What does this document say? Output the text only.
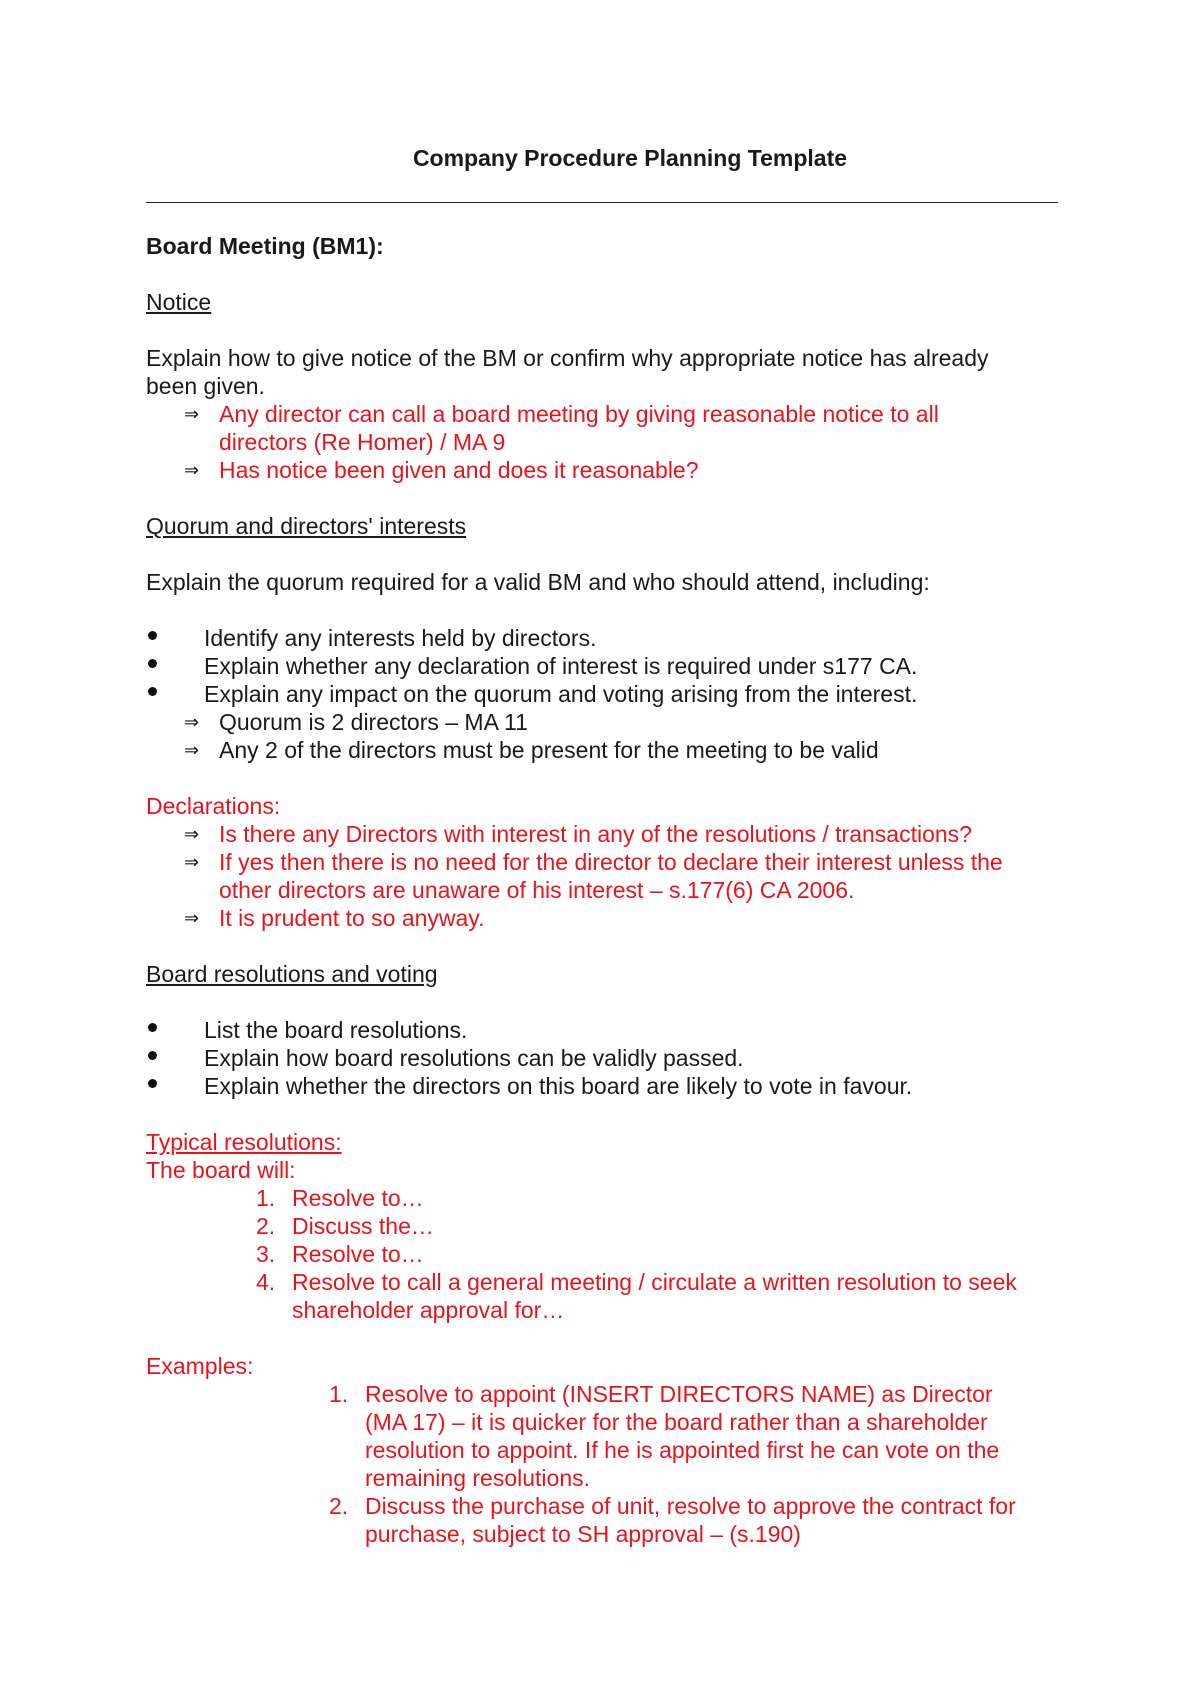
Company Procedure Planning Template
Board Meeting (BM1):
Notice
Explain how to give notice of the BM or confirm why appropriate notice has already
been given.
⇒ Any director can call a board meeting by giving reasonable notice to all
directors (Re Homer) / MA 9
⇒ Has notice been given and does it reasonable?
Quorum and directors' interests
Explain the quorum required for a valid BM and who should attend, including:
Identify any interests held by directors.
Explain whether any declaration of interest is required under s177 CA.
Explain any impact on the quorum and voting arising from the interest.
⇒ Quorum is 2 directors – MA 11
⇒ Any 2 of the directors must be present for the meeting to be valid
Declarations:
⇒ Is there any Directors with interest in any of the resolutions / transactions?
⇒ If yes then there is no need for the director to declare their interest unless the
other directors are unaware of his interest – s.177(6) CA 2006.
⇒ It is prudent to so anyway.
Board resolutions and voting
List the board resolutions.
Explain how board resolutions can be validly passed.
Explain whether the directors on this board are likely to vote in favour.
Typical resolutions:
The board will:
1. Resolve to…
2. Discuss the…
3. Resolve to…
4. Resolve to call a general meeting / circulate a written resolution to seek
shareholder approval for…
Examples:
1. Resolve to appoint (INSERT DIRECTORS NAME) as Director
(MA 17) – it is quicker for the board rather than a shareholder
resolution to appoint. If he is appointed first he can vote on the
remaining resolutions.
2. Discuss the purchase of unit, resolve to approve the contract for
purchase, subject to SH approval – (s.190)
